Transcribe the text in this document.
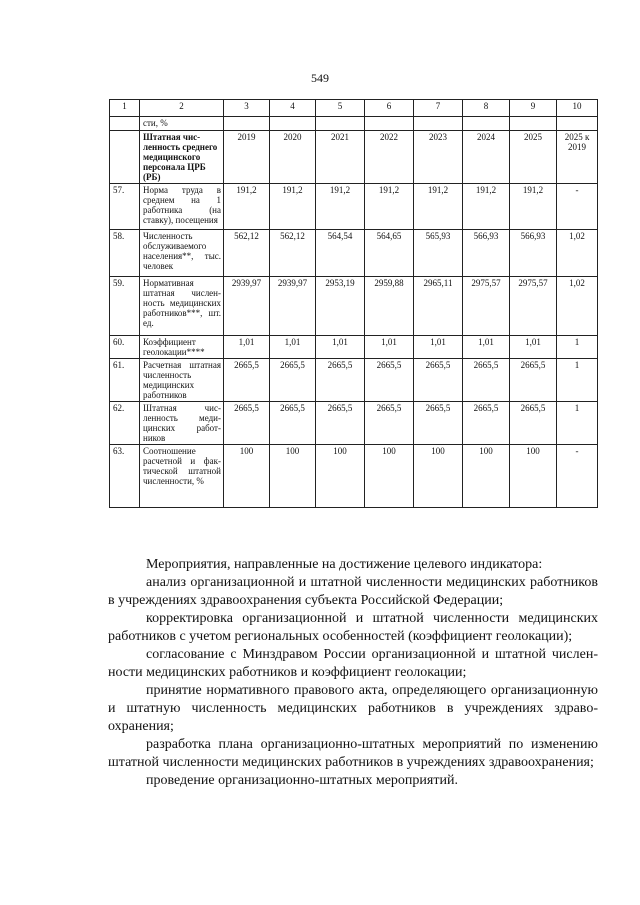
549
1	2	3	4	5	6	7	8	9	10
	сти, %								
	Штатная численность среднего медицинского персонала ЦРБ (РБ)	2019	2020	2021	2022	2023	2024	2025	2025 к 2019
57.	Норма труда в среднем на 1 работника (на ставку), посещения	191,2	191,2	191,2	191,2	191,2	191,2	191,2	-
58.	Численность обслуживаемого населения**, тыс. человек	562,12	562,12	564,54	564,65	565,93	566,93	566,93	1,02
59.	Нормативная штатная численность медицинских работников***, шт. ед.	2939,97	2939,97	2953,19	2959,88	2965,11	2975,57	2975,57	1,02
60.	Коэффициент геолокации****	1,01	1,01	1,01	1,01	1,01	1,01	1,01	1
61.	Расчетная штатная численность медицинских работников	2665,5	2665,5	2665,5	2665,5	2665,5	2665,5	2665,5	1
62.	Штатная численность медицинских работников	2665,5	2665,5	2665,5	2665,5	2665,5	2665,5	2665,5	1
63.	Соотношение расчетной и фактической штатной численности, %	100	100	100	100	100	100	100	-

Мероприятия, направленные на достижение целевого индикатора:

анализ организационной и штатной численности медицинских работников в учреждениях здравоохранения субъекта Российской Федерации;

корректировка организационной и штатной численности медицинских работников с учетом региональных особенностей (коэффициент геолокации);

согласование с Минздравом России организационной и штатной численности медицинских работников и коэффициент геолокации;

принятие нормативного правового акта, определяющего организационную и штатную численность медицинских работников в учреждениях здравоохранения;

разработка плана организационно-штатных мероприятий по изменению штатной численности медицинских работников в учреждениях здравоохранения;

проведение организационно-штатных мероприятий.
